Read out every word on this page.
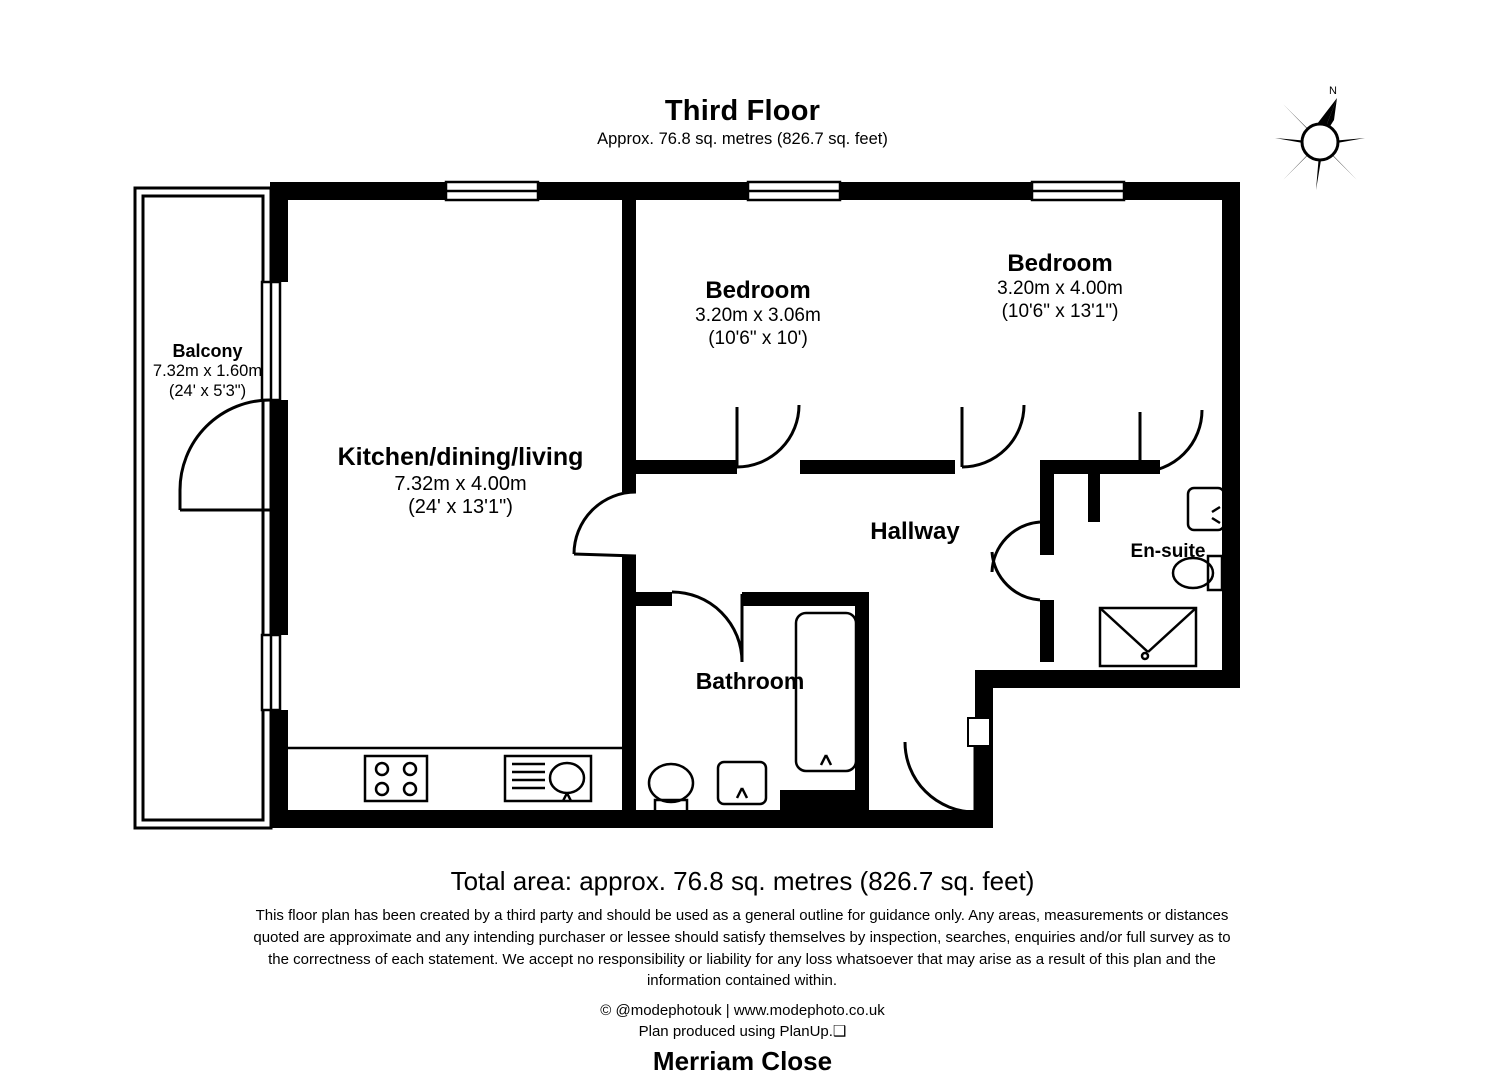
Third Floor
Approx. 76.8 sq. metres (826.7 sq. feet)
N
Balcony
7.32m x 1.60m
(24' x 5'3")
Kitchen/dining/living
7.32m x 4.00m
(24' x 13'1")
Bedroom
3.20m x 3.06m
(10'6" x 10')
Bedroom
3.20m x 4.00m
(10'6" x 13'1")
Hallway
En-suite
Bathroom
Total area: approx. 76.8 sq. metres (826.7 sq. feet)
This floor plan has been created by a third party and should be used as a general outline for guidance only. Any areas, measurements or distances quoted are approximate and any intending purchaser or lessee should satisfy themselves by inspection, searches, enquiries and/or full survey as to the correctness of each statement. We accept no responsibility or liability for any loss whatsoever that may arise as a result of this plan and the information contained within.
© @modephotouk | www.modephoto.co.uk
Plan produced using PlanUp.❑
Merriam Close
